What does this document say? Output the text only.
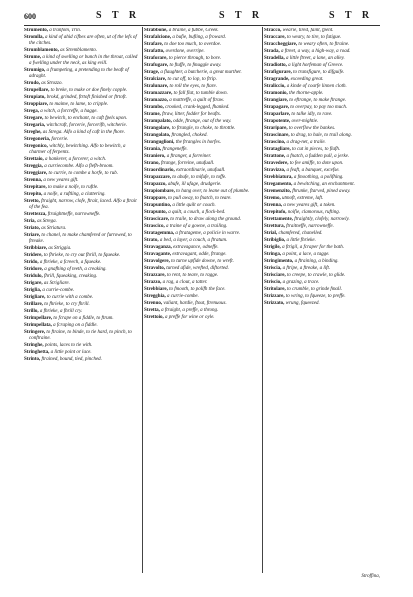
600	S T R	S T R	S T R
Strumento, a tranfom, Trin.
Stromlla, a kind of ahid cifbes are often, ut of the lefs of the citches.
Strumblamento, as Stremblamento.
Strume, a kind of swelling or bunch in the throat, called a fwelling under the neck, as king evill.
Strumigo, a frumpeting, a pretending to the beaft of adraght.
Strudo, as Strozzo.
Strupellare, to breke, to make or doe finely copple.
Strupiato, brokd, grinded, ftrtoft finished or ftrtoft.
Stroppiare, to maime, to lame, to cripple.
Strega, a witch, a forcreffe, a hagge.
Stregare, to bewitch, to enchant, to caft fpels upon.
Stregaria, witchcraft, forcerie, forcerifh, witcherie.
Streghe, as Strega. Alfo a kind of caft in the fhore.
Stregoneria, forcerie.
Stregonico, witchly, bewitching. Alfo to bewitch, a charmer of ferpents.
Strettaio, a hankerer, a forcerer, a witch.
Streggia, a curriecombe. Alfo a flefh-broom.
Streggiare, to currie, to combe a horfe, to rub.
Strenna, a new yeares gift.
Strepitare, to make a noife, to ruftle.
Strepito, a noife, a ruftling, a clattering.
Stretto, ftraight, narrow, clofe, ftrait, laced. Alfo a ftrait of the fea.
Strettezza, ftraightneffe, narrowneffe.
Stria, as Strega.
Striato, as Striatura.
Striare, to chanel, to make chamfered or furrowed, to ftreake.
Stribbiare, as Striggia.
Stridere, to fhrieke, to cry out fhrill, to fqueake.
Strido, a fhrieke, a fcreech, a fqueake.
Stridore, a gnafhing of teeth, a creaking.
Stridulo, fhrill, fqueaking, creaking.
Strigare, as Strigliare.
Striglia, a currie-combe.
Strigliare, to currie with a combe.
Strillare, to fhrieke, to cry fhrill.
Strillo, a fhrieke, a fhrill cry.
Strimpellare, to fcrape on a fiddle, to ftrum.
Strimpellata, a fcraping on a fiddle.
Stringere, to ftraine, to binde, to tie hard, to pinch, to conftraine.
Stringhe, points, laces to tie with.
Stringhetta, a little point or lace.
Strinto, ftrained, bound, tied, pinched.
Strabbone, a braine, a fubbe, Greek.
Strafalcione, a bufie, bufling, a froward.
Strafare, to doe too much, to overdoe.
Strafatto, overdone, overripe.
Straforare, to pierce through, to bore.
Strafugare, to ftuffe, to fmuggle away.
Strage, a flaughter, a butcherie, a great murther.
Stralciare, to cut off, to lop, to ftrip.
Stralunare, to roll the eyes, to ftare.
Stramazzare, to fall flat, to tumble down.
Stramazzo, a mattreffe, a quilt of ftraw.
Strambo, crooked, crank-legged, fhanked.
Strame, ftraw, litter, fodder for beafts.
Strampalato, odde, ftrange, out of the way.
Strangolare, to ftrangle, to choke, to throttle.
Strangolato, ftrangled, choked.
Stranguglioni, the ftrangles in horfes.
Strania, ftrangeneffe.
Straniero, a ftranger, a forreiner.
Strano, ftrange, forreine, unufuall.
Straordinario, extraordinarie, unufuall.
Strapazzare, to abufe, to mifufe, to toffe.
Strapazzo, abufe, ill ufage, drudgerie.
Strapiombare, to hang over, to leane out of plumbe.
Strappare, to pull away, to fnatch, to teare.
Strapuntino, a little quilt or couch.
Strapunto, a quilt, a couch, a flock-bed.
Strascicare, to traile, to draw along the ground.
Strascico, a traine of a gowne, a trailing.
Stratagemma, a ftratageme, a policie in warre.
Strato, a bed, a layer, a couch, a ftratum.
Stravaganza, extravagance, odneffe.
Stravagante, extravagant, odde, ftrange.
Stravolgere, to turne upfide downe, to wreft.
Stravolto, turned afide, wrefted, diftorted.
Strazzare, to rent, to teare, to ragge.
Strazzo, a rag, a clout, a tatter.
Strebbiare, to fmooth, to polifh the face.
Stregghia, a currie-combe.
Strenuo, valiant, hardie, ftout, ftrenuous.
Stretta, a ftraight, a preffe, a throng.
Strettoio, a preffe for wine or oyle.
Stracco, wearie, tired, faint, fpent.
Straccare, to weary, to tire, to fatigue.
Straccheggiare, to weary often, to ftraine.
Strada, a ftreet, a way, a high-way, a road.
Stradella, a little ftreet, a lane, an alley.
Stradiotto, a light horfeman of Greece.
Strafigurare, to transfigure, to difguife.
Stragrande, exceeding great.
Straliccio, a kinde of coarfe linnen cloth.
Stramonio, the thorne-apple.
Strangiare, to eftrange, to make ftrange.
Strapagare, to overpay, to pay too much.
Straparlare, to talke idly, to rave.
Strapotente, over-mightie.
Straripare, to overflow the bankes.
Strascinare, to drag, to hale, to trail along.
Strascino, a drag-net, a traile.
Stratagliare, to cut in pieces, to flafh.
Strattone, a fnatch, a fudden pull, a jerke.
Stravedere, to fee amiffe, to dote upon.
Stravizzo, a feaft, a banquet, excefse.
Strebbiatura, a fmoothing, a polifhing.
Stregamento, a bewitching, an enchantment.
Stremenzito, fhrunke, ftarved, pined away.
Stremo, utmoft, extreme, laft.
Strenna, a new yeares gift, a token.
Strepitofo, noifie, clamorous, rufting.
Strettamente, ftraightly, clofely, narrowly.
Strettura, ftraitneffe, narrowneffe.
Strial, chamfered, chanelled.
Stribiglio, a little fhrieke.
Strigile, a ftrigil, a fcraper for the bath.
Stringa, a point, a lace, a tagge.
Stringimento, a ftraining, a binding.
Striscia, a ftripe, a ftreake, a lift.
Strisciare, to creepe, to crawle, to glide.
Striscio, a grazing, a trace.
Stritolare, to crumble, to grinde fmall.
Strizzare, to wring, to fqueeze, to preffe.
Strizzato, wrung, fqueezed.
Stroffina,
